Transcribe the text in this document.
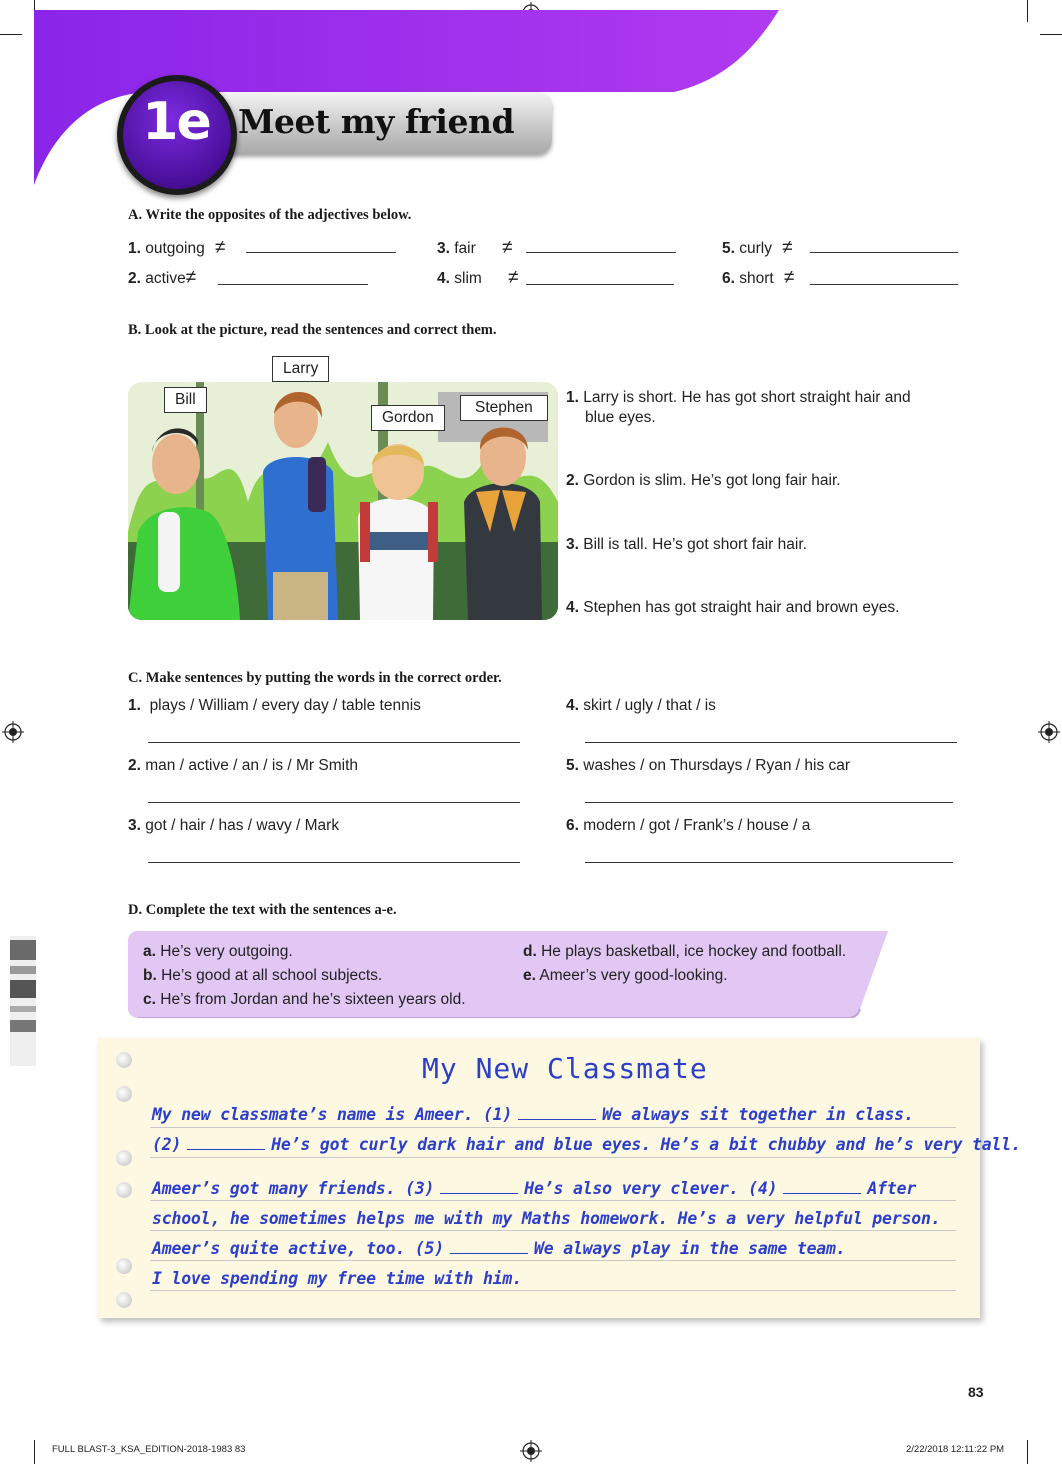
1e Meet my friend
A. Write the opposites of the adjectives below.
1. outgoing ≠
2. active≠
3. fair ≠
4. slim ≠
5. curly ≠
6. short ≠
B. Look at the picture, read the sentences and correct them.
Bill
Larry
Gordon
Stephen
1. Larry is short. He has got short straight hair and
blue eyes.
2. Gordon is slim. He’s got long fair hair.
3. Bill is tall. He’s got short fair hair.
4. Stephen has got straight hair and brown eyes.
C. Make sentences by putting the words in the correct order.
1. plays / William / every day / table tennis
2. man / active / an / is / Mr Smith
3. got / hair / has / wavy / Mark
4. skirt / ugly / that / is
5. washes / on Thursdays / Ryan / his car
6. modern / got / Frank’s / house / a
D. Complete the text with the sentences a-e.
a. He’s very outgoing.
b. He’s good at all school subjects.
c. He’s from Jordan and he’s sixteen years old.
d. He plays basketball, ice hockey and football.
e. Ameer’s very good-looking.
My New Classmate
My new classmate’s name is Ameer. (1)	We always sit together in class.
(2)	He’s got curly dark hair and blue eyes. He’s a bit chubby and he’s very tall.
Ameer’s got many friends. (3)	He’s also very clever. (4)	After
school, he sometimes helps me with my Maths homework. He’s a very helpful person.
Ameer’s quite active, too. (5)	We always play in the same team.
I love spending my free time with him.
83
FULL BLAST-3_KSA_EDITION-2018-1983 83	2/22/2018 12:11:22 PM
